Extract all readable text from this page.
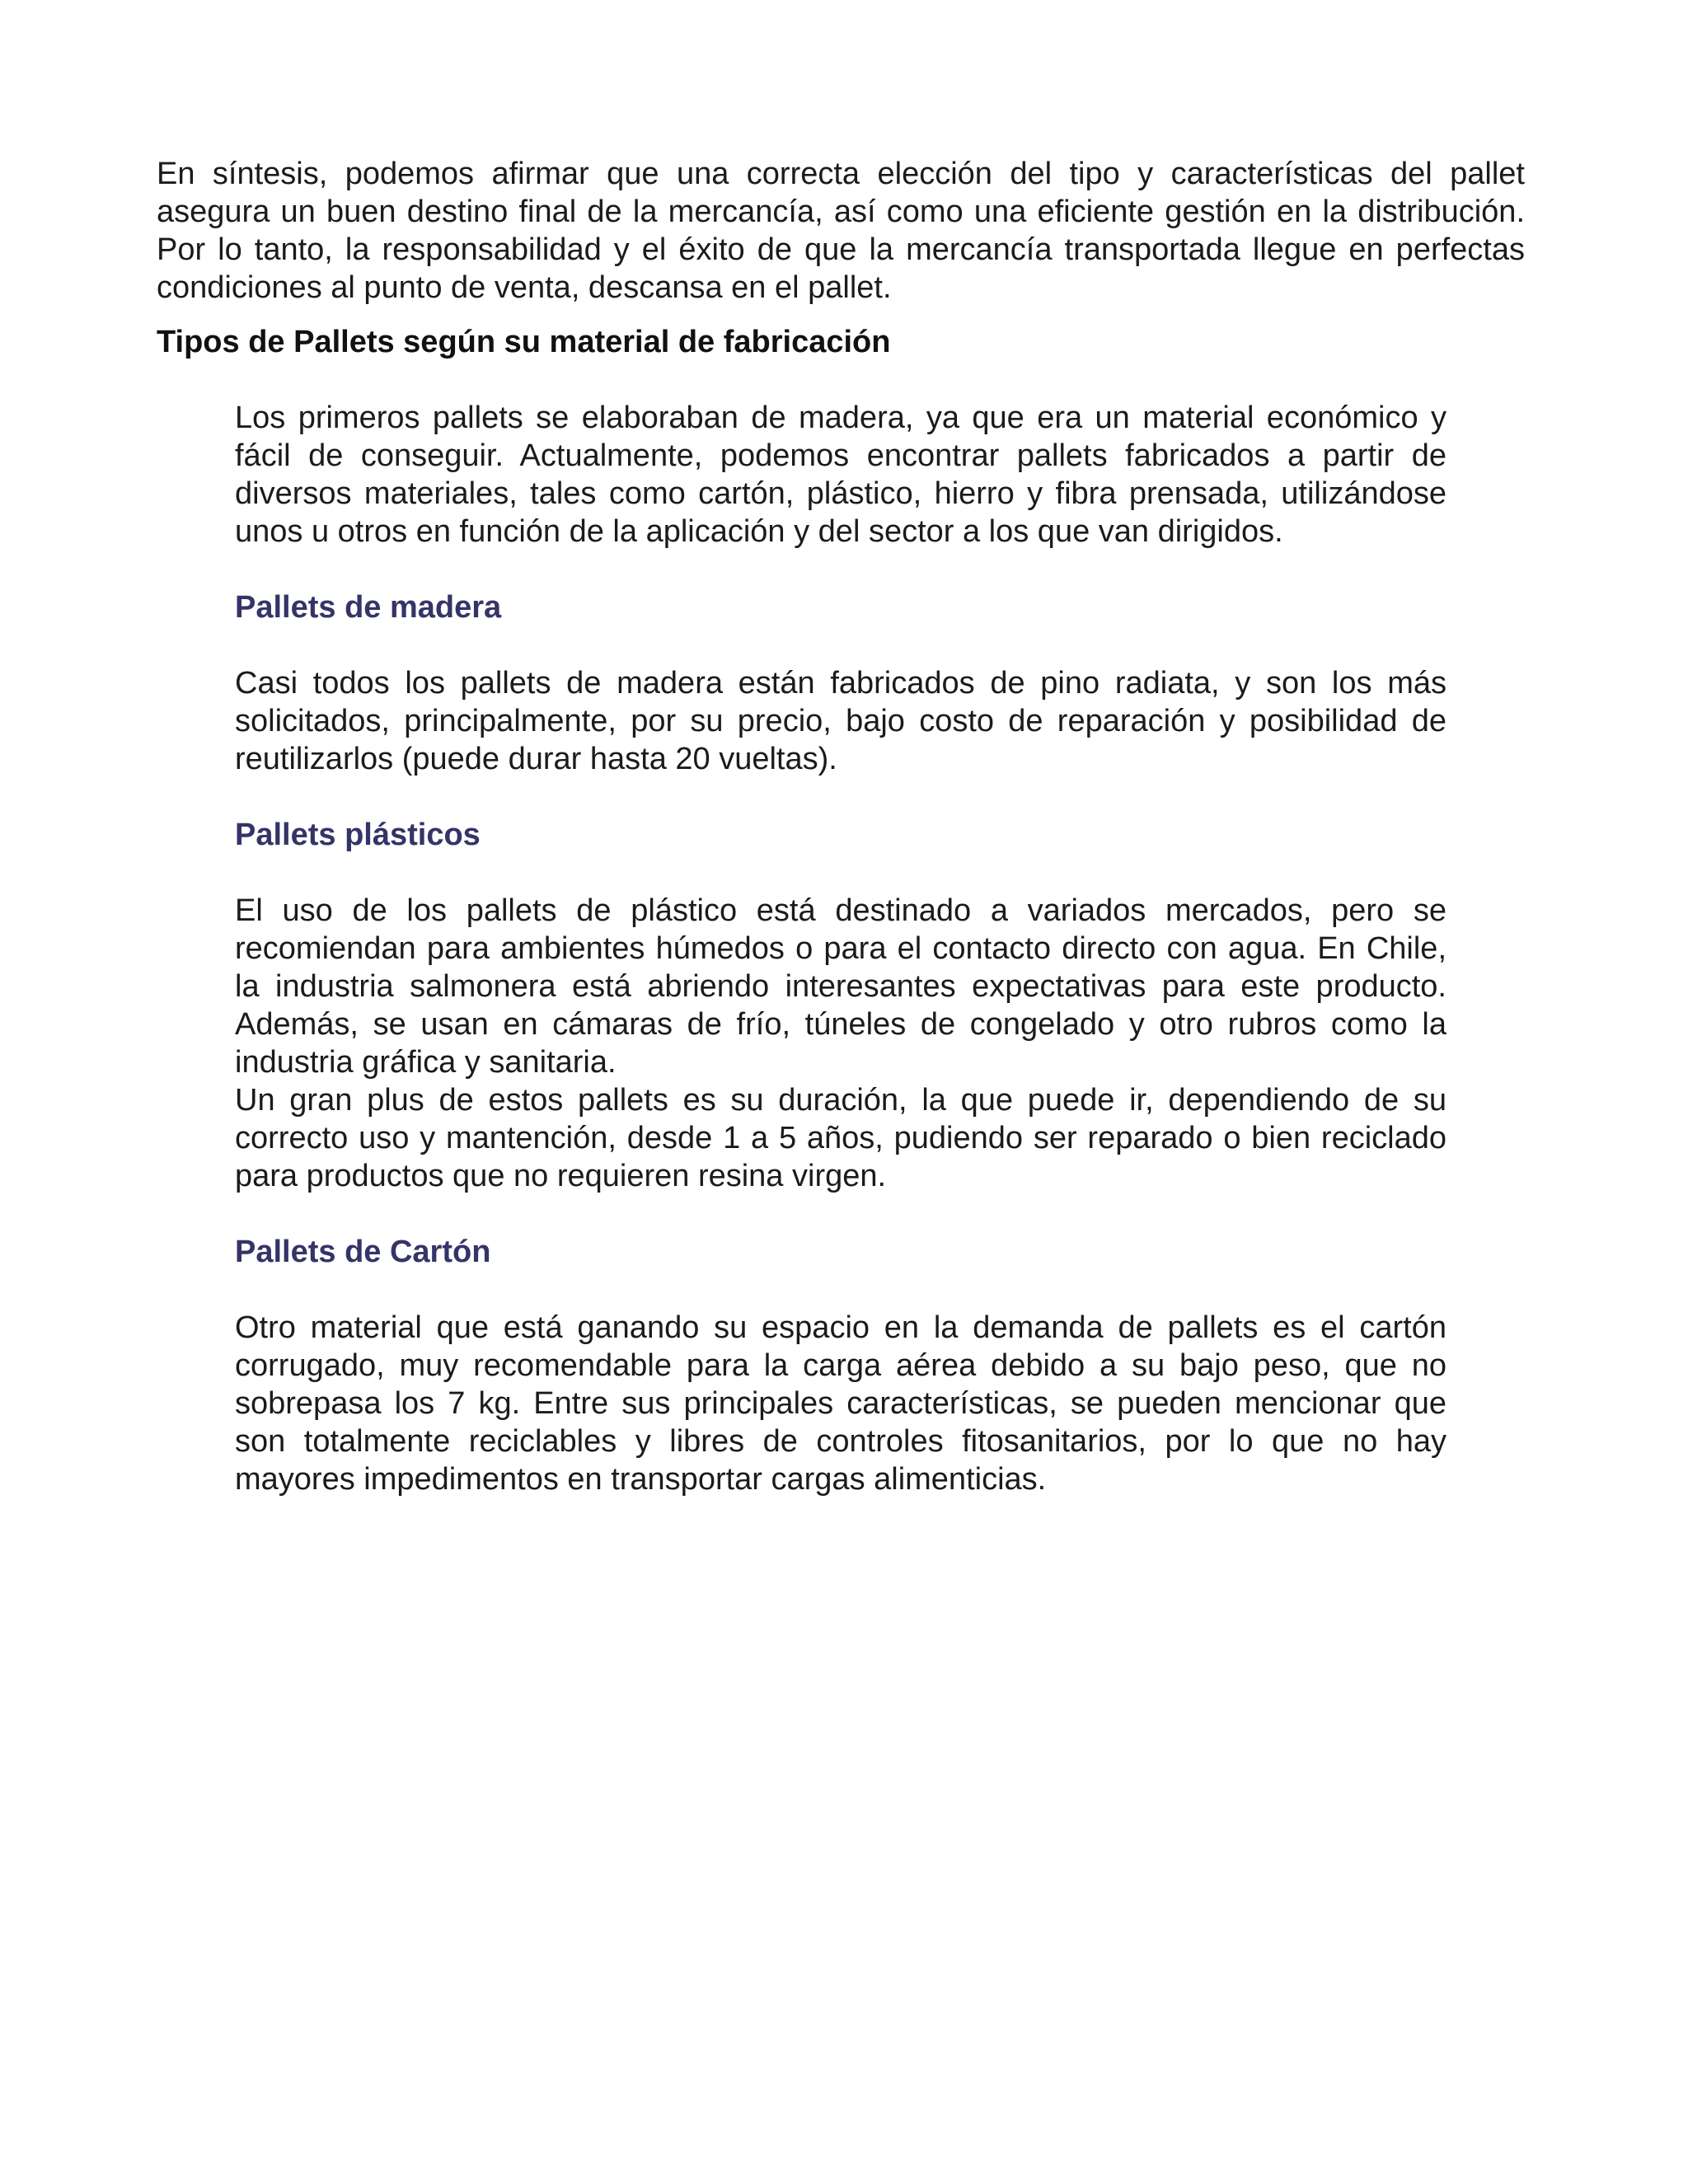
En síntesis, podemos afirmar que una correcta elección del tipo y características del pallet asegura un buen destino final de la mercancía, así como una eficiente gestión en la distribución. Por lo tanto, la responsabilidad y el éxito de que la mercancía transportada llegue en perfectas condiciones al punto de venta, descansa en el pallet.

Tipos de Pallets según su material de fabricación

Los primeros pallets se elaboraban de madera, ya que era un material económico y fácil de conseguir. Actualmente, podemos encontrar pallets fabricados a partir de diversos materiales, tales como cartón, plástico, hierro y fibra prensada, utilizándose unos u otros en función de la aplicación y del sector a los que van dirigidos.

Pallets de madera

Casi todos los pallets de madera están fabricados de pino radiata, y son los más solicitados, principalmente, por su precio, bajo costo de reparación y posibilidad de reutilizarlos (puede durar hasta 20 vueltas).

Pallets plásticos

El uso de los pallets de plástico está destinado a variados mercados, pero se recomiendan para ambientes húmedos o para el contacto directo con agua. En Chile, la industria salmonera está abriendo interesantes expectativas para este producto. Además, se usan en cámaras de frío, túneles de congelado y otro rubros como la industria gráfica y sanitaria.

Un gran plus de estos pallets es su duración, la que puede ir, dependiendo de su correcto uso y mantención, desde 1 a 5 años, pudiendo ser reparado o bien reciclado para productos que no requieren resina virgen.

Pallets de Cartón

Otro material que está ganando su espacio en la demanda de pallets es el cartón corrugado, muy recomendable para la carga aérea debido a su bajo peso, que no sobrepasa los 7 kg. Entre sus principales características, se pueden mencionar que son totalmente reciclables y libres de controles fitosanitarios, por lo que no hay mayores impedimentos en transportar cargas alimenticias.
